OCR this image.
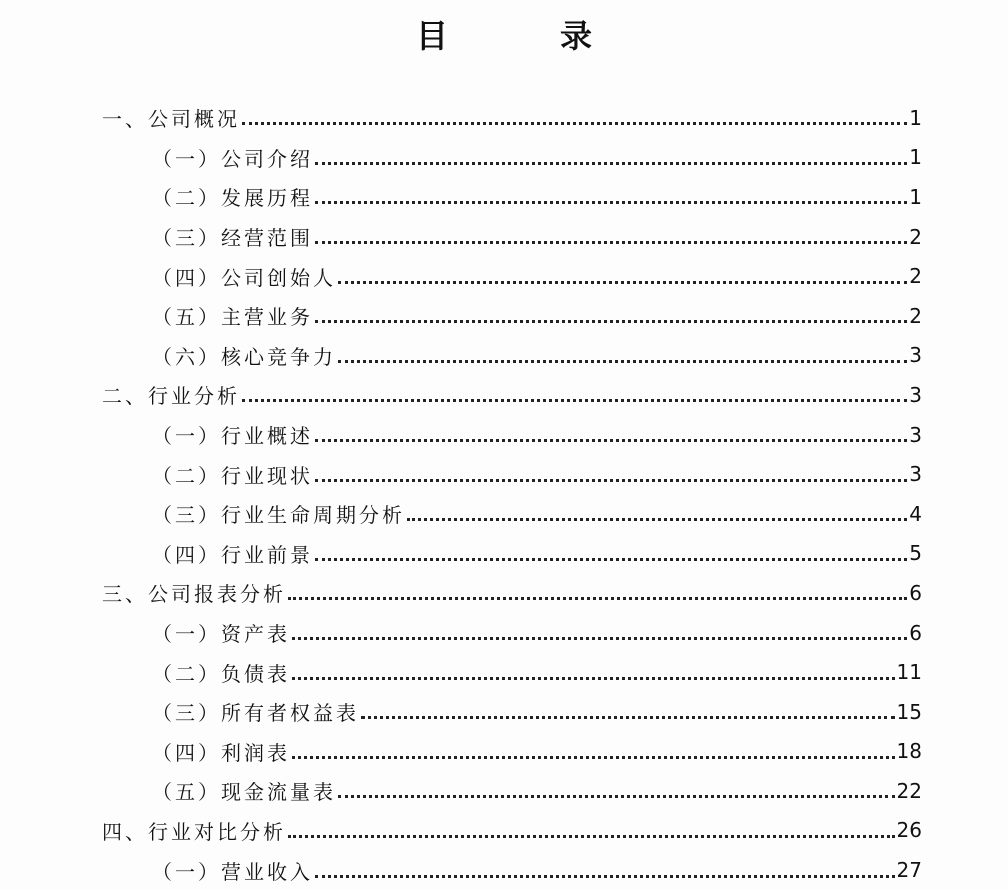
目　录
一、公司概况	1
（一）公司介绍	1
（二）发展历程	1
（三）经营范围	2
（四）公司创始人	2
（五）主营业务	2
（六）核心竞争力	3
二、行业分析	3
（一）行业概述	3
（二）行业现状	3
（三）行业生命周期分析	4
（四）行业前景	5
三、公司报表分析	6
（一）资产表	6
（二）负债表	11
（三）所有者权益表	15
（四）利润表	18
（五）现金流量表	22
四、行业对比分析	26
（一）营业收入	27
